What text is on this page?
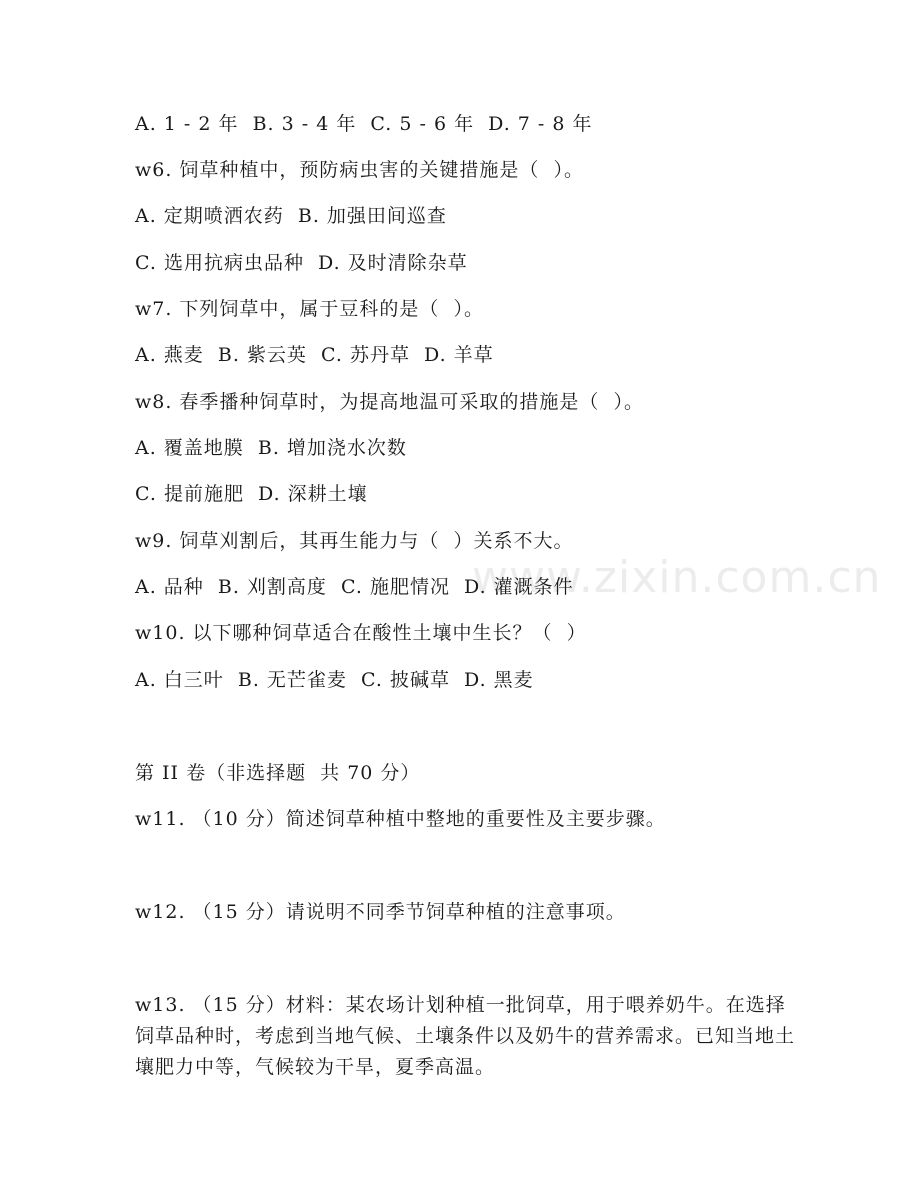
www.zixin.com.cn
A. 1 - 2 年  B. 3 - 4 年  C. 5 - 6 年  D. 7 - 8 年
w6. 饲草种植中，预防病虫害的关键措施是（  ）。
A. 定期喷洒农药  B. 加强田间巡查
C. 选用抗病虫品种  D. 及时清除杂草
w7. 下列饲草中，属于豆科的是（  ）。
A. 燕麦  B. 紫云英  C. 苏丹草  D. 羊草
w8. 春季播种饲草时，为提高地温可采取的措施是（  ）。
A. 覆盖地膜  B. 增加浇水次数
C. 提前施肥  D. 深耕土壤
w9. 饲草刈割后，其再生能力与（  ）关系不大。
A. 品种  B. 刈割高度  C. 施肥情况  D. 灌溉条件
w10. 以下哪种饲草适合在酸性土壤中生长？（  ）
A. 白三叶  B. 无芒雀麦  C. 披碱草  D. 黑麦
第 II 卷（非选择题  共 70 分）
w11. （10 分）简述饲草种植中整地的重要性及主要步骤。
w12. （15 分）请说明不同季节饲草种植的注意事项。
w13. （15 分）材料：某农场计划种植一批饲草，用于喂养奶牛。在选择饲草品种时，考虑到当地气候、土壤条件以及奶牛的营养需求。已知当地土壤肥力中等，气候较为干旱，夏季高温。
